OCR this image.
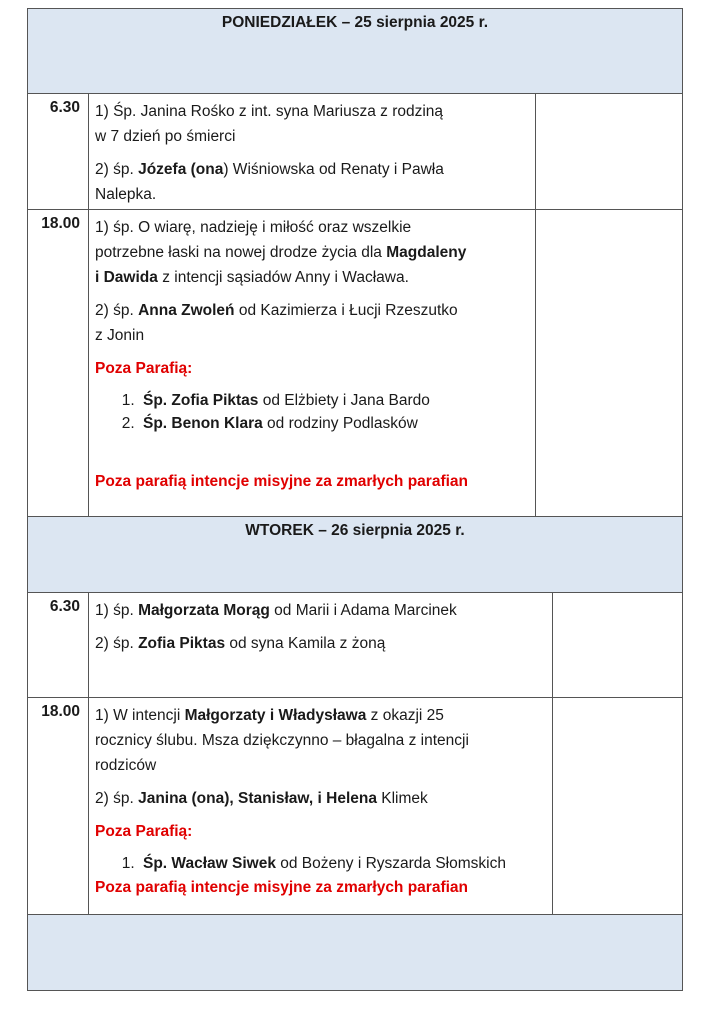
PONIEDZIAŁEK – 25 sierpnia 2025 r.
6.30 1) Śp. Janina Rośko z int. syna Mariusza z rodziną
w 7 dzień po śmierci

2) śp. Józefa (ona) Wiśniowska od Renaty i Pawła
Nalepka.

18.00 1) śp. O wiarę, nadzieję i miłość oraz wszelkie
potrzebne łaski na nowej drodze życia dla Magdaleny
i Dawida z intencji sąsiadów Anny i Wacława.

2) śp. Anna Zwoleń od Kazimierza i Łucji Rzeszutko
z Jonin

Poza Parafią:

1. Śp. Zofia Piktas od Elżbiety i Jana Bardo
2. Śp. Benon Klara od rodziny Podlasków

Poza parafią intencje misyjne za zmarłych parafian

WTOREK – 26 sierpnia 2025 r.
6.30 1) śp. Małgorzata Morąg od Marii i Adama Marcinek

2) śp. Zofia Piktas od syna Kamila z żoną

18.00 1) W intencji Małgorzaty i Władysława z okazji 25
rocznicy ślubu. Msza dziękczynno – błagalna z intencji
rodziców

2) śp. Janina (ona), Stanisław, i Helena Klimek

Poza Parafią:

1. Śp. Wacław Siwek od Bożeny i Ryszarda Słomskich

Poza parafią intencje misyjne za zmarłych parafian
